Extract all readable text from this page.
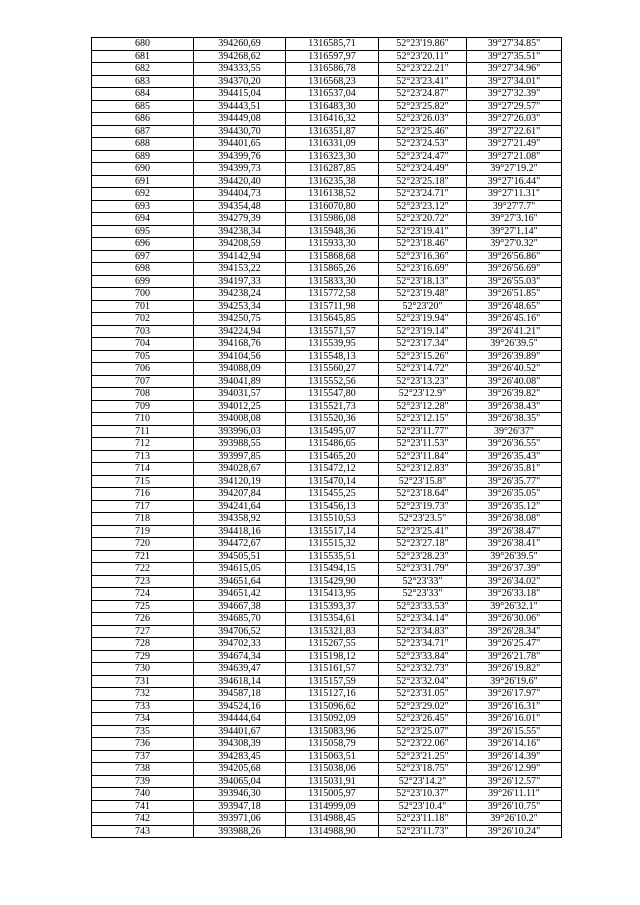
680	394260,69	1316585,71	52°23'19.86"	39°27'34.85"
681	394268,62	1316597,97	52°23'20.11"	39°27'35.51"
682	394333,55	1316586,78	52°23'22.21"	39°27'34.96"
683	394370,20	1316568,23	52°23'23.41"	39°27'34.01"
684	394415,04	1316537,04	52°23'24.87"	39°27'32.39"
685	394443,51	1316483,30	52°23'25.82"	39°27'29.57"
686	394449,08	1316416,32	52°23'26.03"	39°27'26.03"
687	394430,70	1316351,87	52°23'25.46"	39°27'22.61"
688	394401,65	1316331,09	52°23'24.53"	39°27'21.49"
689	394399,76	1316323,30	52°23'24.47"	39°27'21.08"
690	394399,73	1316287,85	52°23'24.49"	39°27'19.2"
691	394420,40	1316235,38	52°23'25.18"	39°27'16.44"
692	394404,73	1316138,52	52°23'24.71"	39°27'11.31"
693	394354,48	1316070,80	52°23'23.12"	39°27'7.7"
694	394279,39	1315986,08	52°23'20.72"	39°27'3.16"
695	394238,34	1315948,36	52°23'19.41"	39°27'1.14"
696	394208,59	1315933,30	52°23'18.46"	39°27'0.32"
697	394142,94	1315868,68	52°23'16.36"	39°26'56.86"
698	394153,22	1315865,26	52°23'16.69"	39°26'56.69"
699	394197,33	1315833,30	52°23'18.13"	39°26'55.03"
700	394238,24	1315772,58	52°23'19.48"	39°26'51.85"
701	394253,34	1315711,98	52°23'20"	39°26'48.65"
702	394250,75	1315645,85	52°23'19.94"	39°26'45.16"
703	394224,94	1315571,57	52°23'19.14"	39°26'41.21"
704	394168,76	1315539,95	52°23'17.34"	39°26'39.5"
705	394104,56	1315548,13	52°23'15.26"	39°26'39.89"
706	394088,09	1315560,27	52°23'14.72"	39°26'40.52"
707	394041,89	1315552,56	52°23'13.23"	39°26'40.08"
708	394031,57	1315547,80	52°23'12.9"	39°26'39.82"
709	394012,25	1315521,73	52°23'12.28"	39°26'38.43"
710	394008,08	1315520,36	52°23'12.15"	39°26'38.35"
711	393996,03	1315495,07	52°23'11.77"	39°26'37"
712	393988,55	1315486,65	52°23'11.53"	39°26'36.55"
713	393997,85	1315465,20	52°23'11.84"	39°26'35.43"
714	394028,67	1315472,12	52°23'12.83"	39°26'35.81"
715	394120,19	1315470,14	52°23'15.8"	39°26'35.77"
716	394207,84	1315455,25	52°23'18.64"	39°26'35.05"
717	394241,64	1315456,13	52°23'19.73"	39°26'35.12"
718	394358,92	1315510,53	52°23'23.5"	39°26'38.08"
719	394418,16	1315517,14	52°23'25.41"	39°26'38.47"
720	394472,67	1315515,32	52°23'27.18"	39°26'38.41"
721	394505,51	1315535,51	52°23'28.23"	39°26'39.5"
722	394615,05	1315494,15	52°23'31.79"	39°26'37.39"
723	394651,64	1315429,90	52°23'33"	39°26'34.02"
724	394651,42	1315413,95	52°23'33"	39°26'33.18"
725	394667,38	1315393,37	52°23'33.53"	39°26'32.1"
726	394685,70	1315354,61	52°23'34.14"	39°26'30.06"
727	394706,52	1315321,83	52°23'34.83"	39°26'28.34"
728	394702,33	1315267,55	52°23'34.71"	39°26'25.47"
729	394674,34	1315198,12	52°23'33.84"	39°26'21.78"
730	394639,47	1315161,57	52°23'32.73"	39°26'19.82"
731	394618,14	1315157,59	52°23'32.04"	39°26'19.6"
732	394587,18	1315127,16	52°23'31.05"	39°26'17.97"
733	394524,16	1315096,62	52°23'29.02"	39°26'16.31"
734	394444,64	1315092,09	52°23'26.45"	39°26'16.01"
735	394401,67	1315083,96	52°23'25.07"	39°26'15.55"
736	394308,39	1315058,79	52°23'22.06"	39°26'14.16"
737	394283,45	1315063,51	52°23'21.25"	39°26'14.39"
738	394205,68	1315038,06	52°23'18.75"	39°26'12.99"
739	394065,04	1315031,91	52°23'14.2"	39°26'12.57"
740	393946,30	1315005,97	52°23'10.37"	39°26'11.11"
741	393947,18	1314999,09	52°23'10.4"	39°26'10.75"
742	393971,06	1314988,45	52°23'11.18"	39°26'10.2"
743	393988,26	1314988,90	52°23'11.73"	39°26'10.24"
